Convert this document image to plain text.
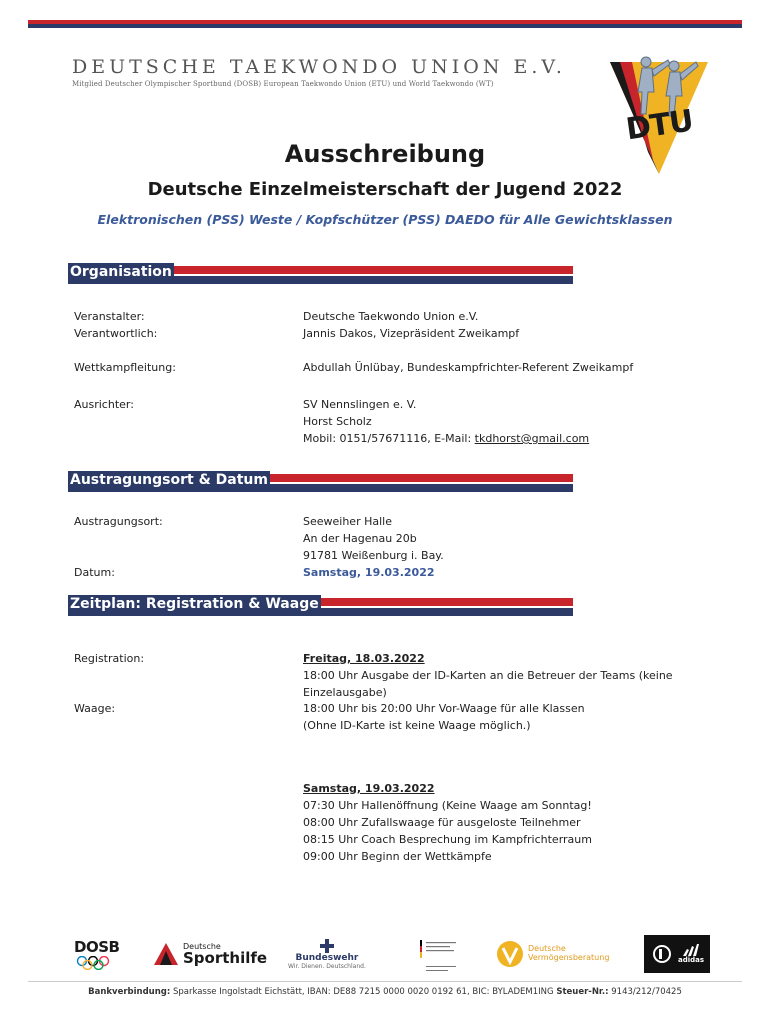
DEUTSCHE TAEKWONDO UNION E.V.
Mitglied Deutscher Olympischer Sportbund (DOSB) European Taekwondo Union (ETU) und World Taekwondo (WT)
DTU
Ausschreibung
Deutsche Einzelmeisterschaft der Jugend 2022
Elektronischen (PSS) Weste / Kopfschützer (PSS) DAEDO für Alle Gewichtsklassen
Organisation
Veranstalter:	Deutsche Taekwondo Union e.V.
Verantwortlich:	Jannis Dakos, Vizepräsident Zweikampf
Wettkampfleitung:	Abdullah Ünlübay, Bundeskampfrichter-Referent Zweikampf
Ausrichter:	SV Nennslingen e. V.
Horst Scholz
Mobil: 0151/57671116, E-Mail: tkdhorst@gmail.com
Austragungsort & Datum
Austragungsort:	Seeweiher Halle
An der Hagenau 20b
91781 Weißenburg i. Bay.
Datum:	Samstag, 19.03.2022
Zeitplan: Registration & Waage
Registration:	Freitag, 18.03.2022
18:00 Uhr Ausgabe der ID-Karten an die Betreuer der Teams (keine
Einzelausgabe)
Waage:	18:00 Uhr bis 20:00 Uhr Vor-Waage für alle Klassen
(Ohne ID-Karte ist keine Waage möglich.)
Samstag, 19.03.2022
07:30 Uhr Hallenöffnung (Keine Waage am Sonntag!
08:00 Uhr Zufallswaage für ausgeloste Teilnehmer
08:15 Uhr Coach Besprechung im Kampfrichterraum
09:00 Uhr Beginn der Wettkämpfe
DOSB	Deutsche
Sporthilfe	Bundeswehr
Wir. Dienen. Deutschland.
Deutsche
Vermögensberatung	adidas
Bankverbindung: Sparkasse Ingolstadt Eichstätt, IBAN: DE88 7215 0000 0020 0192 61, BIC: BYLADEM1ING Steuer-Nr.: 9143/212/70425
